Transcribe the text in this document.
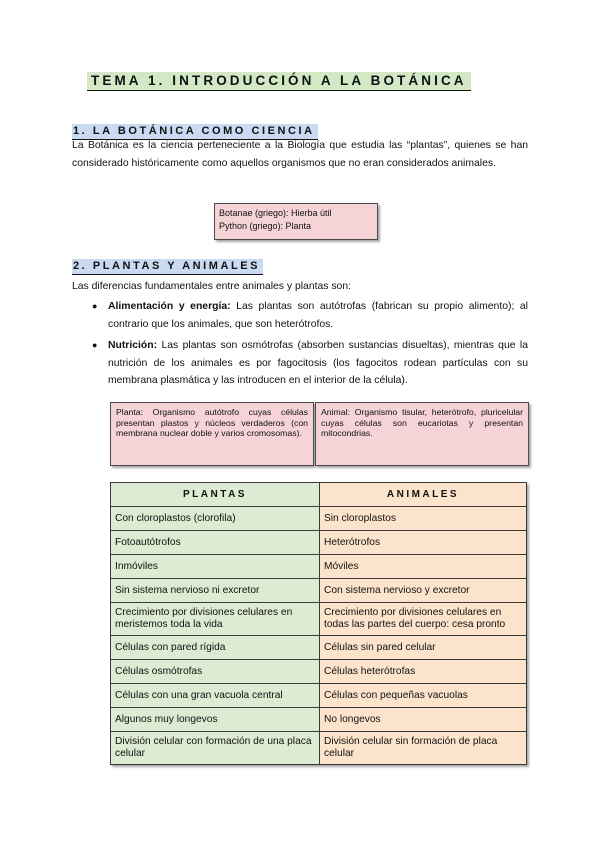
TEMA 1. INTRODUCCIÓN A LA BOTÁNICA
1. LA BOTÁNICA COMO CIENCIA

La Botánica es la ciencia perteneciente a la Biología que estudia las “plantas”, quienes se han considerado históricamente como aquellos organismos que no eran considerados animales.

Botanae (griego): Hierba útil
Python (griego): Planta
2. PLANTAS Y ANIMALES

Las diferencias fundamentales entre animales y plantas son:

● Alimentación y energía: Las plantas son autótrofas (fabrican su propio alimento); al contrario que los animales, que son heterótrofos.
● Nutrición: Las plantas son osmótrofas (absorben sustancias disueltas), mientras que la nutrición de los animales es por fagocitosis (los fagocitos rodean partículas con su membrana plasmática y las introducen en el interior de la célula).
Planta: Organismo autótrofo cuyas células presentan plastos y núcleos verdaderos (con membrana nuclear doble y varios cromosomas).
Animal: Organismo tisular, heterótrofo, pluricelular cuyas células son eucariotas y presentan mitocondrias.
PLANTAS	ANIMALES
Con cloroplastos (clorofila)	Sin cloroplastos
Fotoautótrofos	Heterótrofos
Inmóviles	Móviles
Sin sistema nervioso ni excretor	Con sistema nervioso y excretor
Crecimiento por divisiones celulares en meristemos toda la vida	Crecimiento por divisiones celulares en todas las partes del cuerpo: cesa pronto
Células con pared rígida	Células sin pared celular
Células osmótrofas	Células heterótrofas
Células con una gran vacuola central	Células con pequeñas vacuolas
Algunos muy longevos	No longevos
División celular con formación de una placa celular	División celular sin formación de placa celular
